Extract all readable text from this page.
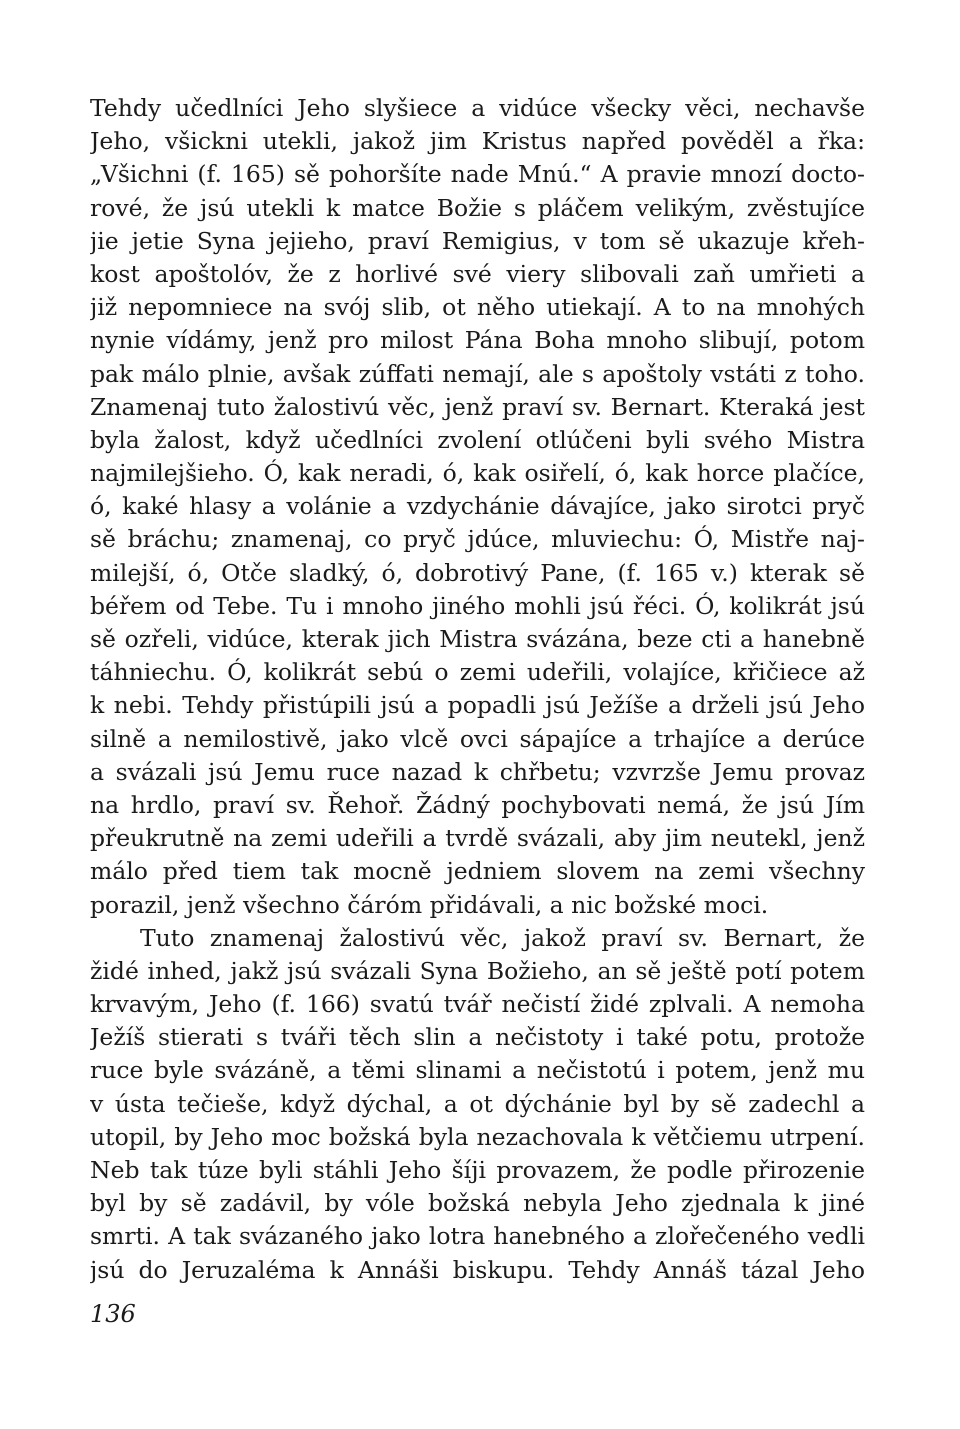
Tehdy učedlníci Jeho slyšiece a vidúce všecky věci, nechavše
Jeho, všickni utekli, jakož jim Kristus napřed pověděl a řka:
„Všichni (f. 165) sě pohoršíte nade Mnú.“ A pravie mnozí docto-
rové, že jsú utekli k matce Božie s pláčem velikým, zvěstujíce
jie jetie Syna jejieho, praví Remigius, v tom sě ukazuje křeh-
kost apoštolóv, že z horlivé své viery slibovali zaň umřieti a
již nepomniece na svój slib, ot něho utiekají. A to na mnohých
nynie vídámy, jenž pro milost Pána Boha mnoho slibují, potom
pak málo plnie, avšak zúffati nemají, ale s apoštoly vstáti z toho.
Znamenaj tuto žalostivú věc, jenž praví sv. Bernart. Kteraká jest
byla žalost, když učedlníci zvolení otlúčeni byli svého Mistra
najmilejšieho. Ó, kak neradi, ó, kak osiřelí, ó, kak horce plačíce,
ó, kaké hlasy a volánie a vzdychánie dávajíce, jako sirotci pryč
sě bráchu; znamenaj, co pryč jdúce, mluviechu: Ó, Mistře naj-
milejší, ó, Otče sladký, ó, dobrotivý Pane, (f. 165 v.) kterak sě
béřem od Tebe. Tu i mnoho jiného mohli jsú řéci. Ó, kolikrát jsú
sě ozřeli, vidúce, kterak jich Mistra svázána, beze cti a hanebně
táhniechu. Ó, kolikrát sebú o zemi udeřili, volajíce, křičiece až
k nebi. Tehdy přistúpili jsú a popadli jsú Ježíše a drželi jsú Jeho
silně a nemilostivě, jako vlcě ovci sápajíce a trhajíce a derúce
a svázali jsú Jemu ruce nazad k chřbetu; vzvrzše Jemu provaz
na hrdlo, praví sv. Řehoř. Žádný pochybovati nemá, že jsú Jím
přeukrutně na zemi udeřili a tvrdě svázali, aby jim neutekl, jenž
málo před tiem tak mocně jedniem slovem na zemi všechny
porazil, jenž všechno čáróm přidávali, a nic božské moci.
Tuto znamenaj žalostivú věc, jakož praví sv. Bernart, že
židé inhed, jakž jsú svázali Syna Božieho, an sě ještě potí potem
krvavým, Jeho (f. 166) svatú tvář nečistí židé zplvali. A nemoha
Ježíš stierati s tváři těch slin a nečistoty i také potu, protože
ruce byle svázáně, a těmi slinami a nečistotú i potem, jenž mu
v ústa tečieše, když dýchal, a ot dýchánie byl by sě zadechl a
utopil, by Jeho moc božská byla nezachovala k větčiemu utrpení.
Neb tak túze byli stáhli Jeho šíji provazem, že podle přirozenie
byl by sě zadávil, by vóle božská nebyla Jeho zjednala k jiné
smrti. A tak svázaného jako lotra hanebného a zlořečeného vedli
jsú do Jeruzaléma k Annáši biskupu. Tehdy Annáš tázal Jeho
136
